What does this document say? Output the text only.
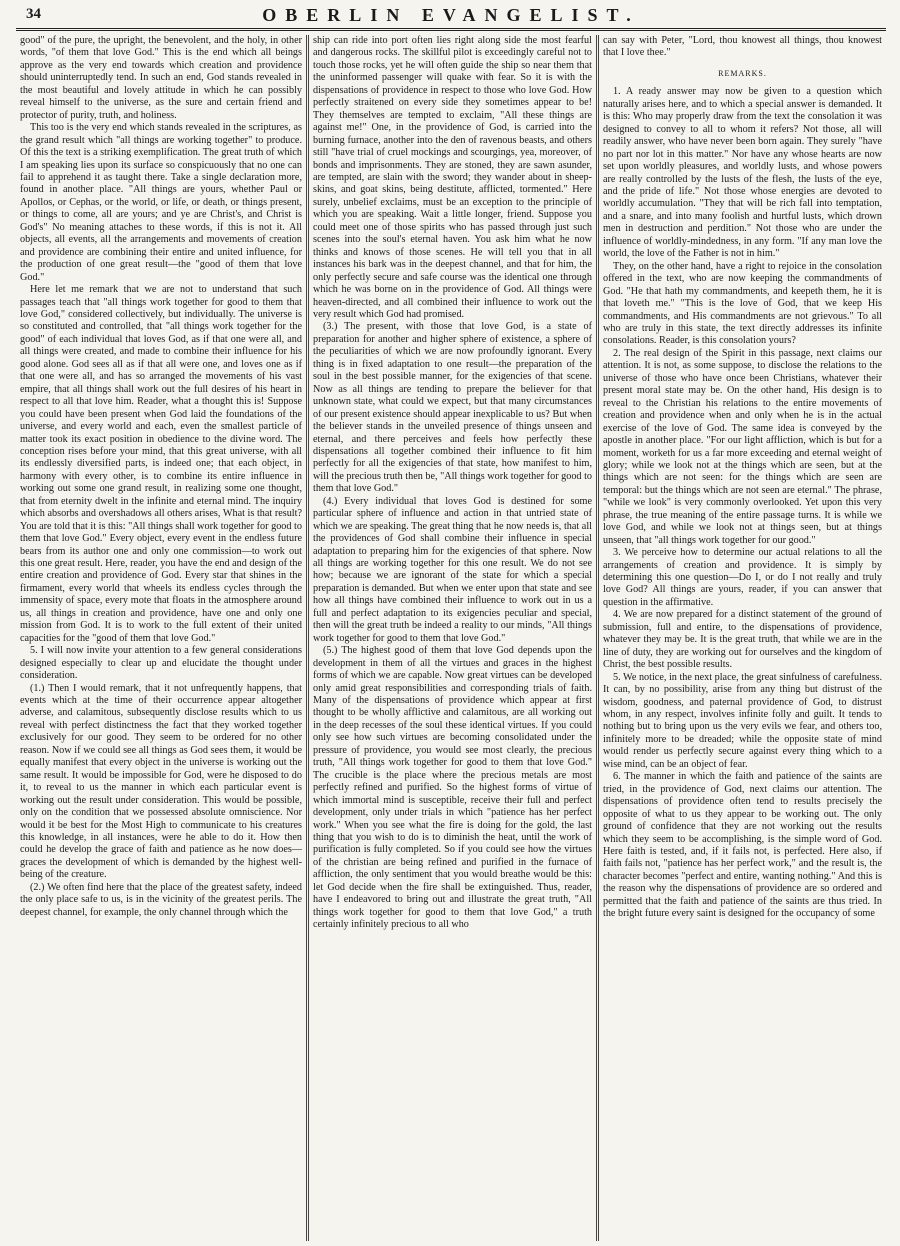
34	OBERLIN EVANGELIST.

good" of the pure, the upright, the benevolent, and the holy, in other words, "of them that love God." This is the end which all beings approve as the very end towards which creation and providence should uninterruptedly tend. In such an end, God stands revealed in the most beautiful and lovely attitude in which he can possibly reveal himself to the universe, as the sure and certain friend and protector of purity, truth, and holiness.

This too is the very end which stands revealed in the scriptures, as the grand result which "all things are working together" to produce. Of this the text is a striking exemplification. The great truth of which I am speaking lies upon its surface so conspicuously that no one can fail to apprehend it as taught there. Take a single declaration more, found in another place. "All things are yours, whether Paul or Apollos, or Cephas, or the world, or life, or death, or things present, or things to come, all are yours; and ye are Christ's, and Christ is God's" No meaning attaches to these words, if this is not it. All objects, all events, all the arrangements and movements of creation and providence are combining their entire and united influence, for the production of one great result—the "good of them that love God."

Here let me remark that we are not to understand that such passages teach that "all things work together for good to them that love God," considered collectively, but individually. The universe is so constituted and controlled, that "all things work together for the good" of each individual that loves God, as if that one were all, and all things were created, and made to combine their influence for his good alone. God sees all as if that all were one, and loves one as if that one were all, and has so arranged the movements of his vast empire, that all things shall work out the full desires of his heart in respect to all that love him. Reader, what a thought this is! Suppose you could have been present when God laid the foundations of the universe, and every world and each, even the smallest particle of matter took its exact position in obedience to the divine word. The conception rises before your mind, that this great universe, with all its endlessly diversified parts, is indeed one; that each object, in harmony with every other, is to combine its entire influence in working out some one grand result, in realizing some one thought, that from eternity dwelt in the infinite and eternal mind. The inquiry which absorbs and overshadows all others arises, What is that result? You are told that it is this: "All things shall work together for good to them that love God." Every object, every event in the endless future bears from its author one and only one commission—to work out this one great result. Here, reader, you have the end and design of the entire creation and providence of God. Every star that shines in the firmament, every world that wheels its endless cycles through the immensity of space, every mote that floats in the atmosphere around us, all things in creation and providence, have one and only one mission from God. It is to work to the full extent of their united capacities for the "good of them that love God."

5. I will now invite your attention to a few general considerations designed especially to clear up and elucidate the thought under consideration.

(1.) Then I would remark, that it not unfrequently happens, that events which at the time of their occurrence appear altogether adverse, and calamitous, subsequently disclose results which to us reveal with perfect distinctness the fact that they worked together exclusively for our good. They seem to be ordered for no other reason. Now if we could see all things as God sees them, it would be equally manifest that every object in the universe is working out the same result. It would be impossible for God, were he disposed to do it, to reveal to us the manner in which each particular event is working out the result under consideration. This would be possible, only on the condition that we possessed absolute omniscience. Nor would it be best for the Most High to communicate to his creatures this knowledge, in all instances, were he able to do it. How then could he develop the grace of faith and patience as he now does—graces the development of which is demanded by the highest well-being of the creature.

(2.) We often find here that the place of the greatest safety, indeed the only place safe to us, is in the vicinity of the greatest perils. The deepest channel, for example, the only channel through which the

ship can ride into port often lies right along side the most fearful and dangerous rocks. The skillful pilot is exceedingly careful not to touch those rocks, yet he will often guide the ship so near them that the uninformed passenger will quake with fear. So it is with the dispensations of providence in respect to those who love God. How perfectly straitened on every side they sometimes appear to be! They themselves are tempted to exclaim, "All these things are against me!" One, in the providence of God, is carried into the burning furnace, another into the den of ravenous beasts, and others still "have trial of cruel mockings and scourgings, yea, moreover, of bonds and imprisonments. They are stoned, they are sawn asunder, are tempted, are slain with the sword; they wander about in sheep-skins, and goat skins, being destitute, afflicted, tormented." Here surely, unbelief exclaims, must be an exception to the principle of which you are speaking. Wait a little longer, friend. Suppose you could meet one of those spirits who has passed through just such scenes into the soul's eternal haven. You ask him what he now thinks and knows of those scenes. He will tell you that in all instances his bark was in the deepest channel, and that for him, the only perfectly secure and safe course was the identical one through which he was borne on in the providence of God. All things were heaven-directed, and all combined their influence to work out the very result which God had promised.

(3.) The present, with those that love God, is a state of preparation for another and higher sphere of existence, a sphere of the peculiarities of which we are now profoundly ignorant. Every thing is in fixed adaptation to one result—the preparation of the soul in the best possible manner, for the exigencies of that scene. Now as all things are tending to prepare the believer for that unknown state, what could we expect, but that many circumstances of our present existence should appear inexplicable to us? But when the believer stands in the unveiled presence of things unseen and eternal, and there perceives and feels how perfectly these dispensations all together combined their influence to fit him perfectly for all the exigencies of that state, how manifest to him, will the precious truth then be, "All things work together for good to them that love God."

(4.) Every individual that loves God is destined for some particular sphere of influence and action in that untried state of which we are speaking. The great thing that he now needs is, that all the providences of God shall combine their influence in special adaptation to preparing him for the exigencies of that sphere. Now all things are working together for this one result. We do not see how; because we are ignorant of the state for which a special preparation is demanded. But when we enter upon that state and see how all things have combined their influence to work out in us a full and perfect adaptation to its exigencies peculiar and special, then will the great truth be indeed a reality to our minds, "All things work together for good to them that love God."

(5.) The highest good of them that love God depends upon the development in them of all the virtues and graces in the highest forms of which we are capable. Now great virtues can be developed only amid great responsibilities and corresponding trials of faith. Many of the dispensations of providence which appear at first thought to be wholly afflictive and calamitous, are all working out in the deep recesses of the soul these identical virtues. If you could only see how such virtues are becoming consolidated under the pressure of providence, you would see most clearly, the precious truth, "All things work together for good to them that love God." The crucible is the place where the precious metals are most perfectly refined and purified. So the highest forms of virtue of which immortal mind is susceptible, receive their full and perfect development, only under trials in which "patience has her perfect work." When you see what the fire is doing for the gold, the last thing that you wish to do is to diminish the heat, until the work of purification is fully completed. So if you could see how the virtues of the christian are being refined and purified in the furnace of affliction, the only sentiment that you would breathe would be this: let God decide when the fire shall be extinguished. Thus, reader, have I endeavored to bring out and illustrate the great truth, "All things work together for good to them that love God," a truth certainly infinitely precious to all who

can say with Peter, "Lord, thou knowest all things, thou knowest that I love thee."

REMARKS.

1. A ready answer may now be given to a question which naturally arises here, and to which a special answer is demanded. It is this: Who may properly draw from the text the consolation it was designed to convey to all to whom it refers? Not those, all will readily answer, who have never been born again. They surely "have no part nor lot in this matter." Nor have any whose hearts are now set upon worldly pleasures, and worldly lusts, and whose powers are really controlled by the lusts of the flesh, the lusts of the eye, and the pride of life." Not those whose energies are devoted to worldly accumulation. "They that will be rich fall into temptation, and a snare, and into many foolish and hurtful lusts, which drown men in destruction and perdition." Not those who are under the influence of worldly-mindedness, in any form. "If any man love the world, the love of the Father is not in him."

They, on the other hand, have a right to rejoice in the consolation offered in the text, who are now keeping the commandments of God. "He that hath my commandments, and keepeth them, he it is that loveth me." "This is the love of God, that we keep His commandments, and His commandments are not grievous." To all who are truly in this state, the text directly addresses its infinite consolations. Reader, is this consolation yours?

2. The real design of the Spirit in this passage, next claims our attention. It is not, as some suppose, to disclose the relations to the universe of those who have once been Christians, whatever their present moral state may be. On the other hand, His design is to reveal to the Christian his relations to the entire movements of creation and providence when and only when he is in the actual exercise of the love of God. The same idea is conveyed by the apostle in another place. "For our light affliction, which is but for a moment, worketh for us a far more exceeding and eternal weight of glory; while we look not at the things which are seen, but at the things which are not seen: for the things which are seen are temporal: but the things which are not seen are eternal." The phrase, "while we look" is very commonly overlooked. Yet upon this very phrase, the true meaning of the entire passage turns. It is while we love God, and while we look not at things seen, but at things unseen, that "all things work together for our good."

3. We perceive how to determine our actual relations to all the arrangements of creation and providence. It is simply by determining this one question—Do I, or do I not really and truly love God? All things are yours, reader, if you can answer that question in the affirmative.

4. We are now prepared for a distinct statement of the ground of submission, full and entire, to the dispensations of providence, whatever they may be. It is the great truth, that while we are in the line of duty, they are working out for ourselves and the kingdom of Christ, the best possible results.

5. We notice, in the next place, the great sinfulness of carefulness. It can, by no possibility, arise from any thing but distrust of the wisdom, goodness, and paternal providence of God, to distrust whom, in any respect, involves infinite folly and guilt. It tends to nothing but to bring upon us the very evils we fear, and others too, infinitely more to be dreaded; while the opposite state of mind would render us perfectly secure against every thing which to a wise mind, can be an object of fear.

6. The manner in which the faith and patience of the saints are tried, in the providence of God, next claims our attention. The dispensations of providence often tend to results precisely the opposite of what to us they appear to be working out. The only ground of confidence that they are not working out the results which they seem to be accomplishing, is the simple word of God. Here faith is tested, and, if it fails not, is perfected. Here also, if faith fails not, "patience has her perfect work," and the result is, the character becomes "perfect and entire, wanting nothing." And this is the reason why the dispensations of providence are so ordered and permitted that the faith and patience of the saints are thus tried. In the bright future every saint is designed for the occupancy of some
